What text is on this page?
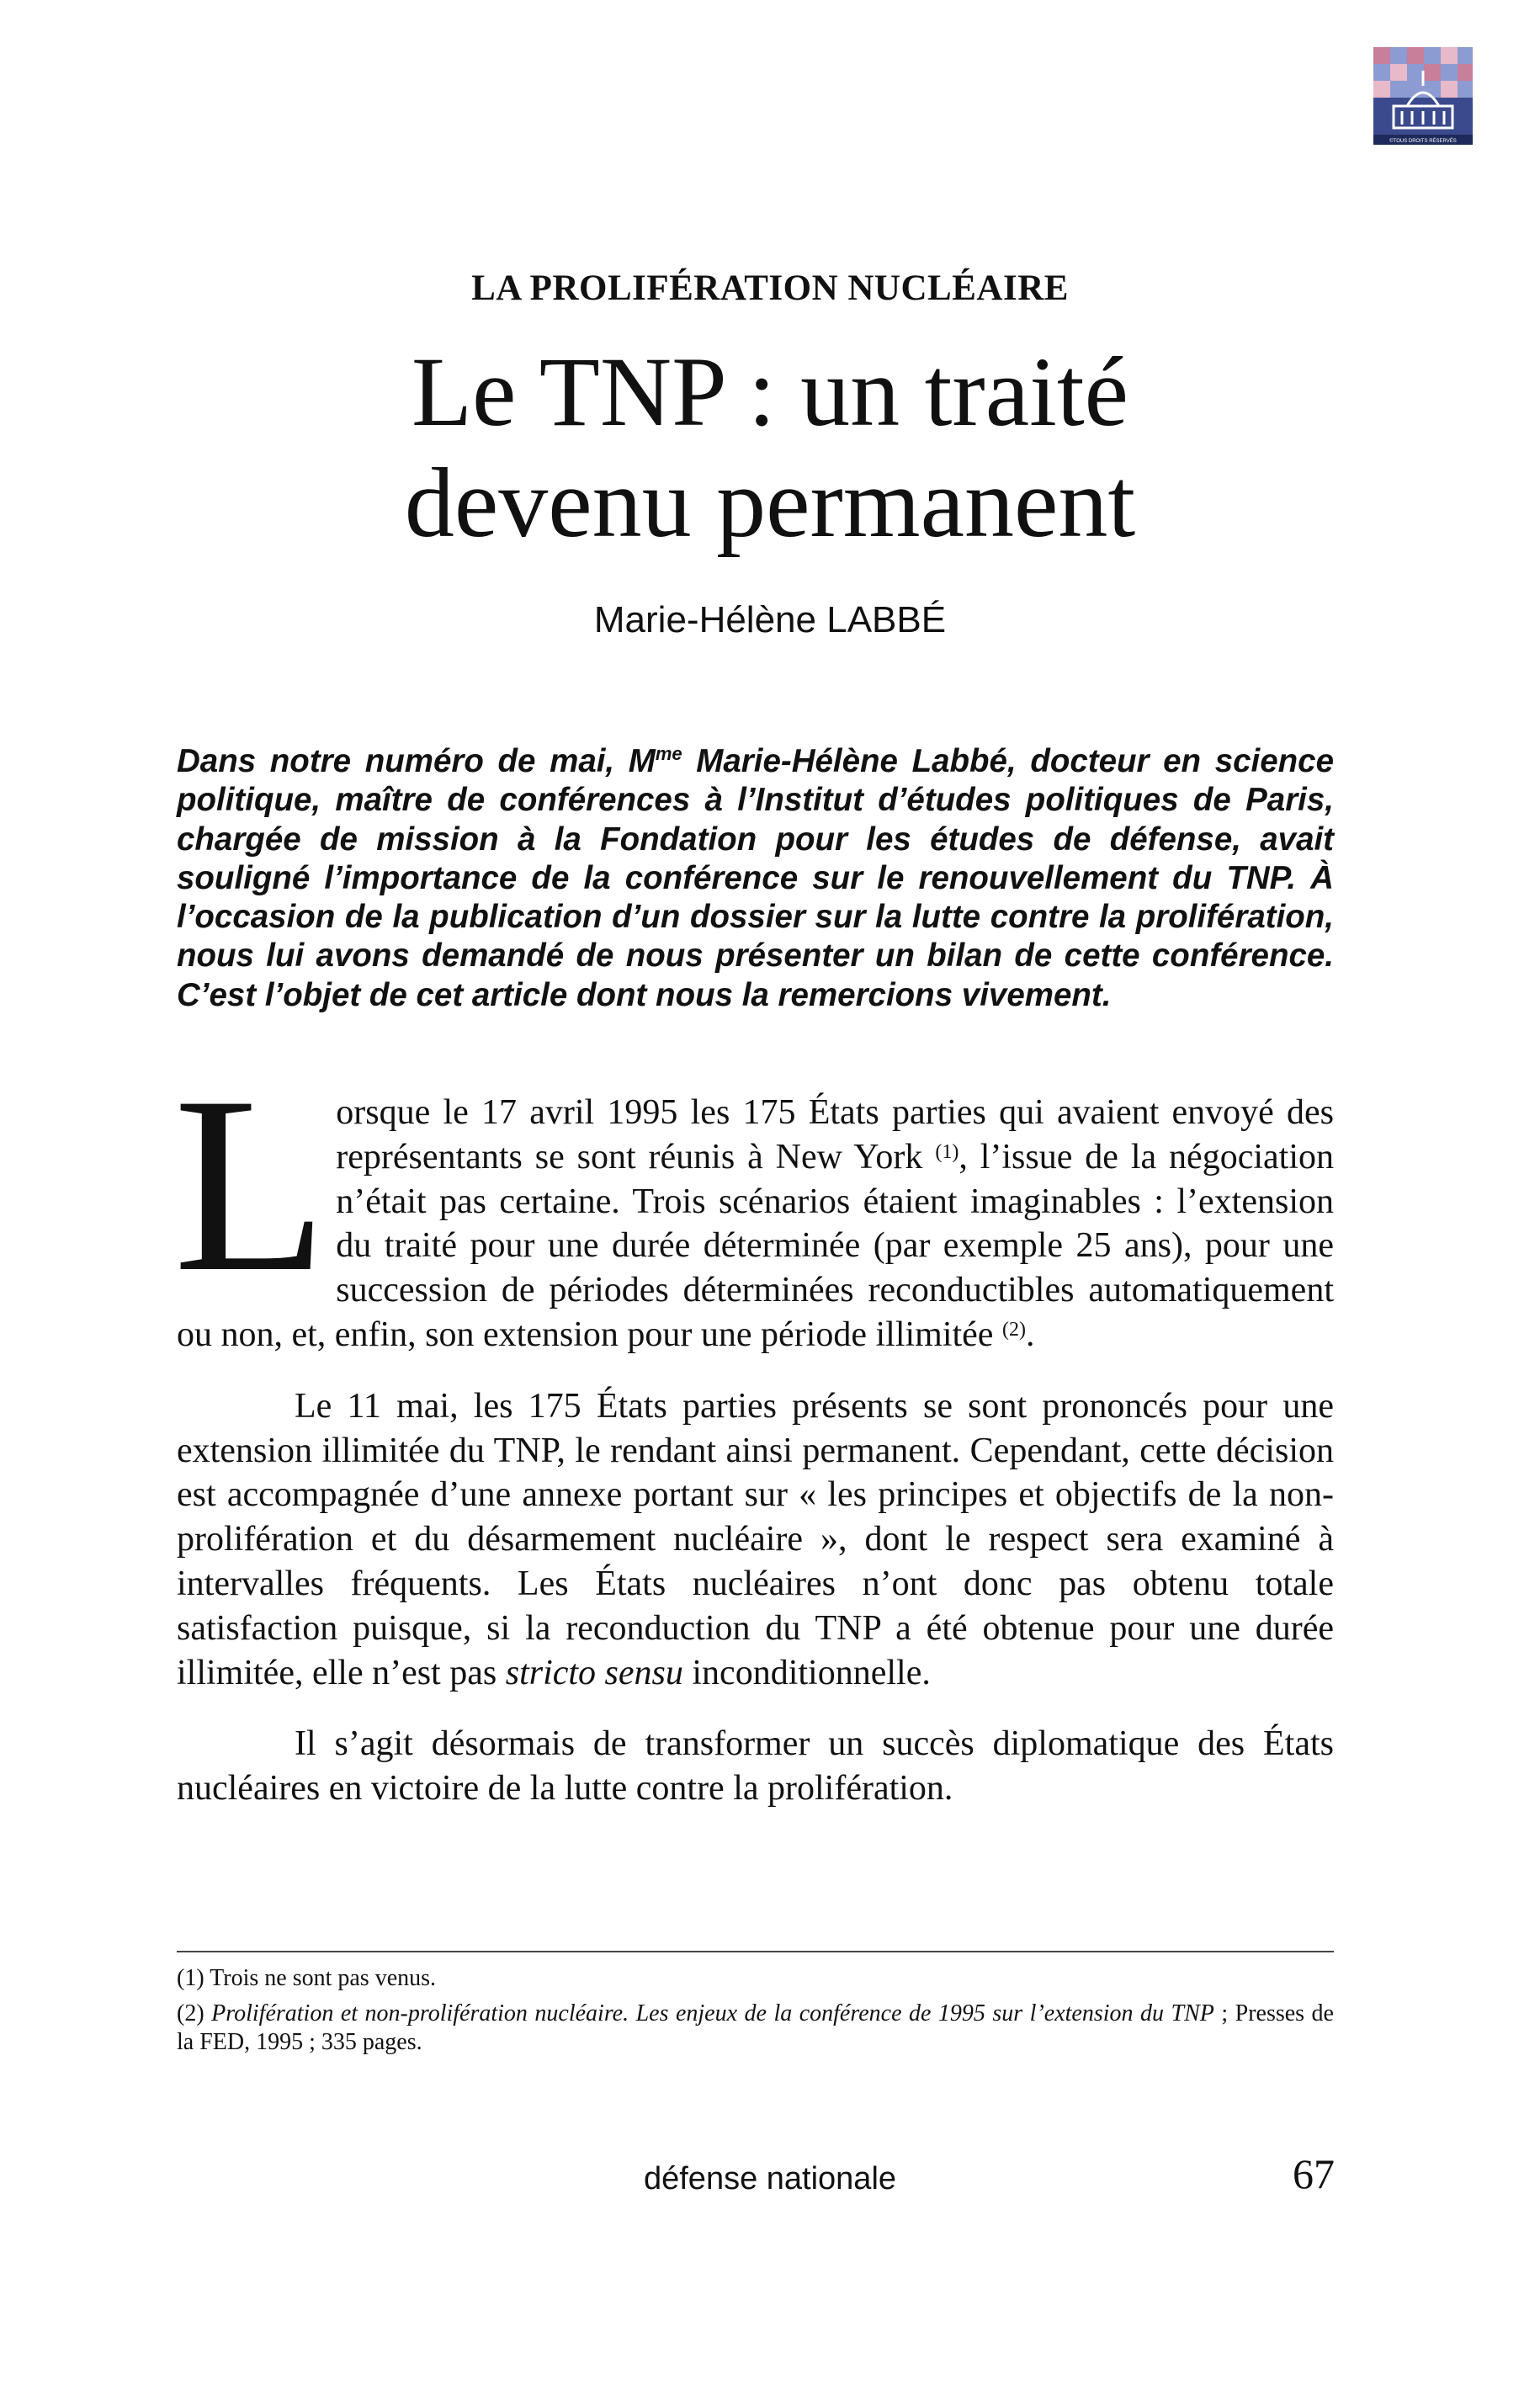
©TOUS DROITS RÉSERVÉS
LA PROLIFÉRATION NUCLÉAIRE
Le TNP : un traité
devenu permanent
Marie-Hélène LABBÉ
Dans notre numéro de mai, $M^{me}$ Marie-Hélène Labbé, docteur en science politique, maître de conférences à l’Institut d’études politiques de Paris, chargée de mission à la Fondation pour les études de défense, avait souligné l’importance de la conférence sur le renouvellement du TNP. À l’occasion de la publication d’un dossier sur la lutte contre la prolifération, nous lui avons demandé de nous présenter un bilan de cette conférence. C’est l’objet de cet article dont nous la remercions vivement.

Lorsque le 17 avril 1995 les 175 États parties qui avaient envoyé des représentants se sont réunis à New York $^{(1)}$, l’issue de la négociation n’était pas certaine. Trois scénarios étaient imaginables : l’extension du traité pour une durée déterminée (par exemple 25 ans), pour une succession de périodes déterminées reconductibles automatiquement ou non, et, enfin, son extension pour une période illimitée $^{(2)}$.

Le 11 mai, les 175 États parties présents se sont prononcés pour une extension illimitée du TNP, le rendant ainsi permanent. Cependant, cette décision est accompagnée d’une annexe portant sur « les principes et objectifs de la non-prolifération et du désarmement nucléaire », dont le respect sera examiné à intervalles fréquents. Les États nucléaires n’ont donc pas obtenu totale satisfaction puisque, si la reconduction du TNP a été obtenue pour une durée illimitée, elle n’est pas stricto sensu inconditionnelle.

Il s’agit désormais de transformer un succès diplomatique des États nucléaires en victoire de la lutte contre la prolifération.

(1) Trois ne sont pas venus.

(2) Prolifération et non-prolifération nucléaire. Les enjeux de la conférence de 1995 sur l’extension du TNP ; Presses de la FED, 1995 ; 335 pages.

défense nationale	67
